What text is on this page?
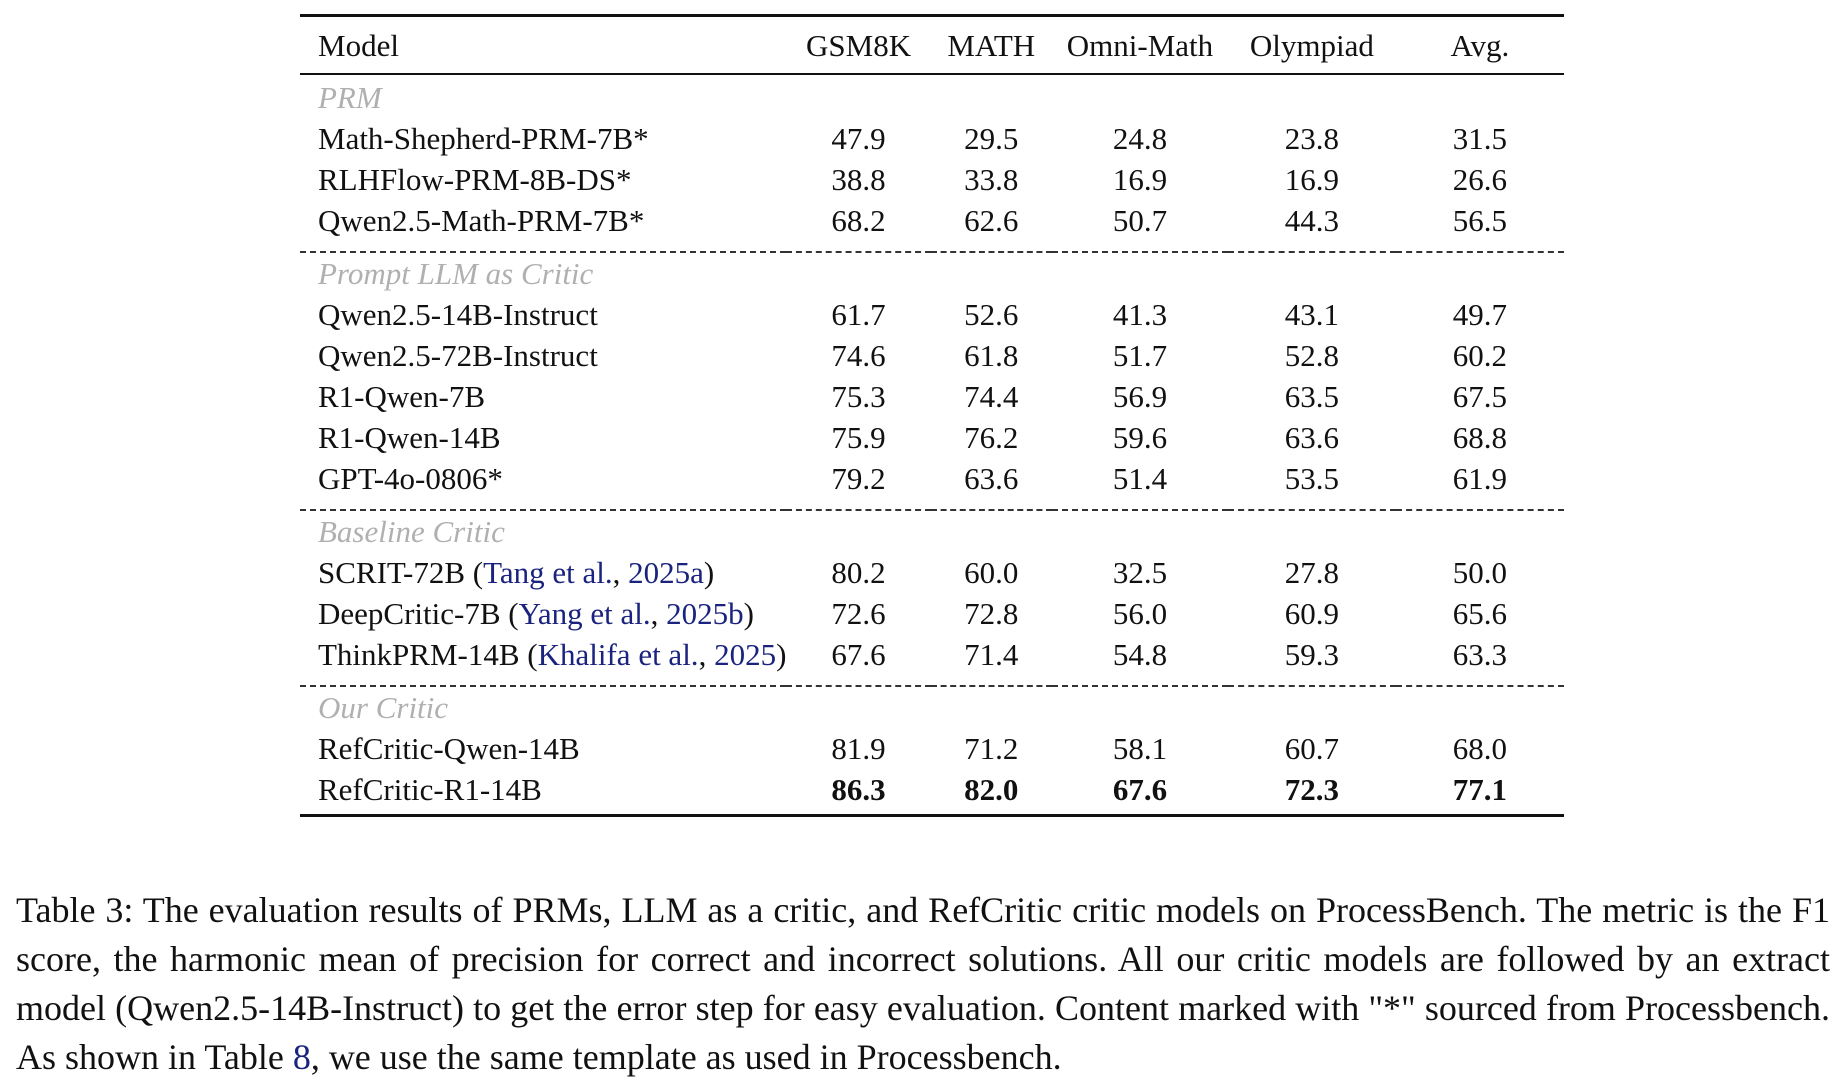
Model	GSM8K	MATH	Omni-Math	Olympiad	Avg.
PRM					
Math-Shepherd-PRM-7B*	47.9	29.5	24.8	23.8	31.5
RLHFlow-PRM-8B-DS*	38.8	33.8	16.9	16.9	26.6
Qwen2.5-Math-PRM-7B*	68.2	62.6	50.7	44.3	56.5

Prompt LLM as Critic					
Qwen2.5-14B-Instruct	61.7	52.6	41.3	43.1	49.7
Qwen2.5-72B-Instruct	74.6	61.8	51.7	52.8	60.2
R1-Qwen-7B	75.3	74.4	56.9	63.5	67.5
R1-Qwen-14B	75.9	76.2	59.6	63.6	68.8
GPT-4o-0806*	79.2	63.6	51.4	53.5	61.9

Baseline Critic					
SCRIT-72B (Tang et al., 2025a)	80.2	60.0	32.5	27.8	50.0
DeepCritic-7B (Yang et al., 2025b)	72.6	72.8	56.0	60.9	65.6
ThinkPRM-14B (Khalifa et al., 2025)	67.6	71.4	54.8	59.3	63.3

Our Critic					
RefCritic-Qwen-14B	81.9	71.2	58.1	60.7	68.0
RefCritic-R1-14B	86.3	82.0	67.6	72.3	77.1
Table 3: The evaluation results of PRMs, LLM as a critic, and RefCritic critic models on ProcessBench. The metric is the F1 score, the harmonic mean of precision for correct and incorrect solutions. All our critic models are followed by an extract model (Qwen2.5-14B-Instruct) to get the error step for easy evaluation. Content marked with "*" sourced from Processbench. As shown in Table 8, we use the same template as used in Processbench.
